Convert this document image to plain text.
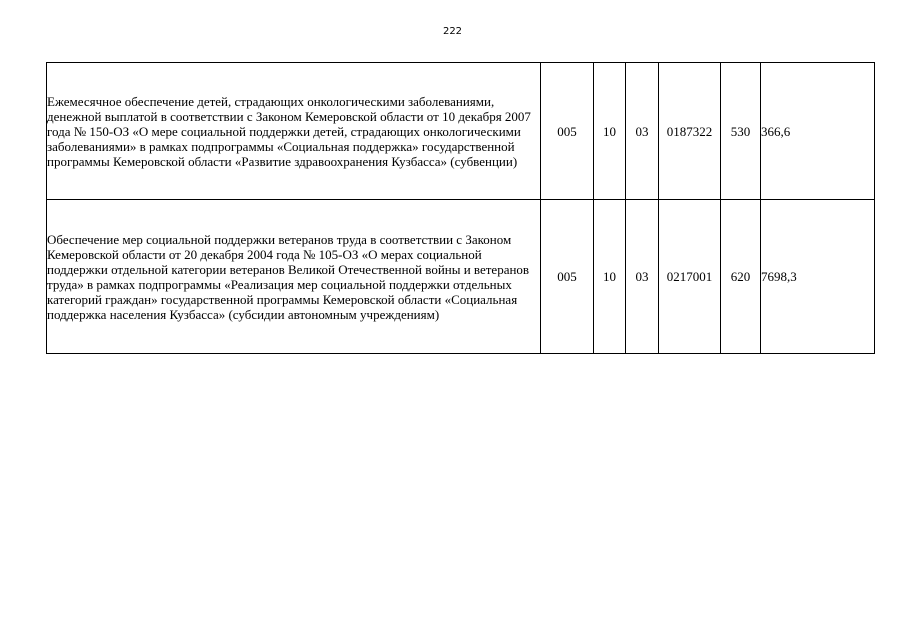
222
Ежемесячное обеспечение детей, страдающих онкологическими заболеваниями, денежной выплатой в соответствии с Законом Кемеровской области от 10 декабря 2007 года № 150-ОЗ «О мере социальной поддержки детей, страдающих онкологическими заболеваниями» в рамках подпрограммы «Социальная поддержка» государственной программы Кемеровской области «Развитие здравоохранения Кузбасса» (субвенции)	005	10	03	0187322	530	366,6
Обеспечение мер социальной поддержки ветеранов труда в соответствии с Законом Кемеровской области от 20 декабря 2004 года № 105-ОЗ «О мерах социальной поддержки отдельной категории ветеранов Великой Отечественной войны и ветеранов труда» в рамках подпрограммы «Реализация мер социальной поддержки отдельных категорий граждан» государственной программы Кемеровской области «Социальная поддержка населения Кузбасса» (субсидии автономным учреждениям)	005	10	03	0217001	620	7698,3
